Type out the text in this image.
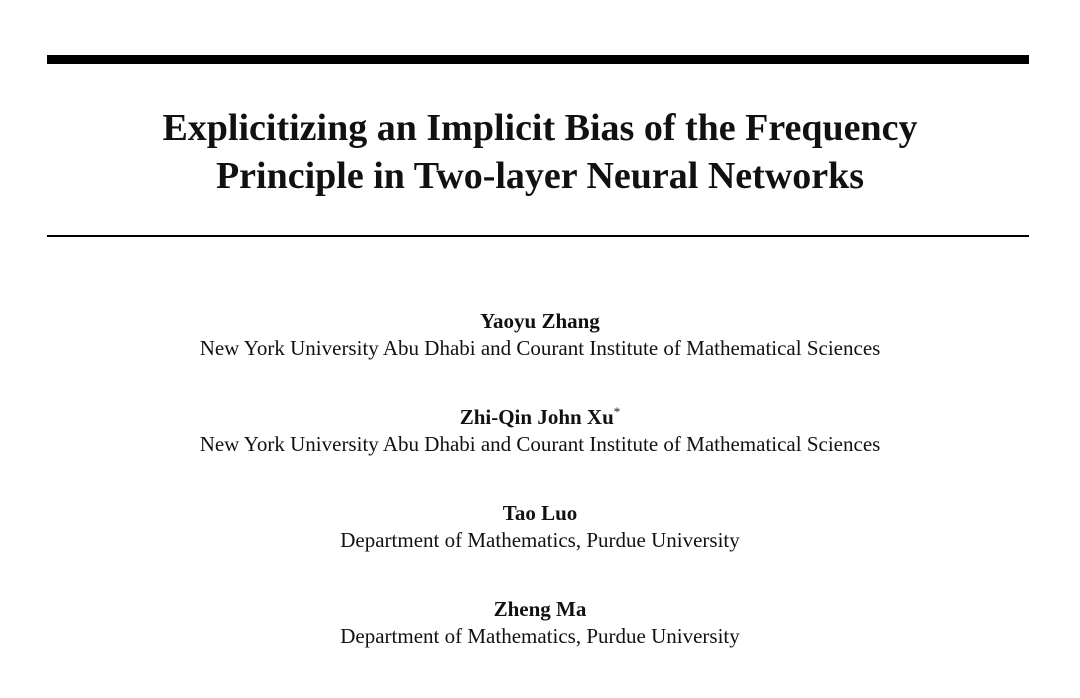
Explicitizing an Implicit Bias of the Frequency
Principle in Two-layer Neural Networks
Yaoyu Zhang
New York University Abu Dhabi and Courant Institute of Mathematical Sciences
Zhi-Qin John Xu*
New York University Abu Dhabi and Courant Institute of Mathematical Sciences
Tao Luo
Department of Mathematics, Purdue University
Zheng Ma
Department of Mathematics, Purdue University
